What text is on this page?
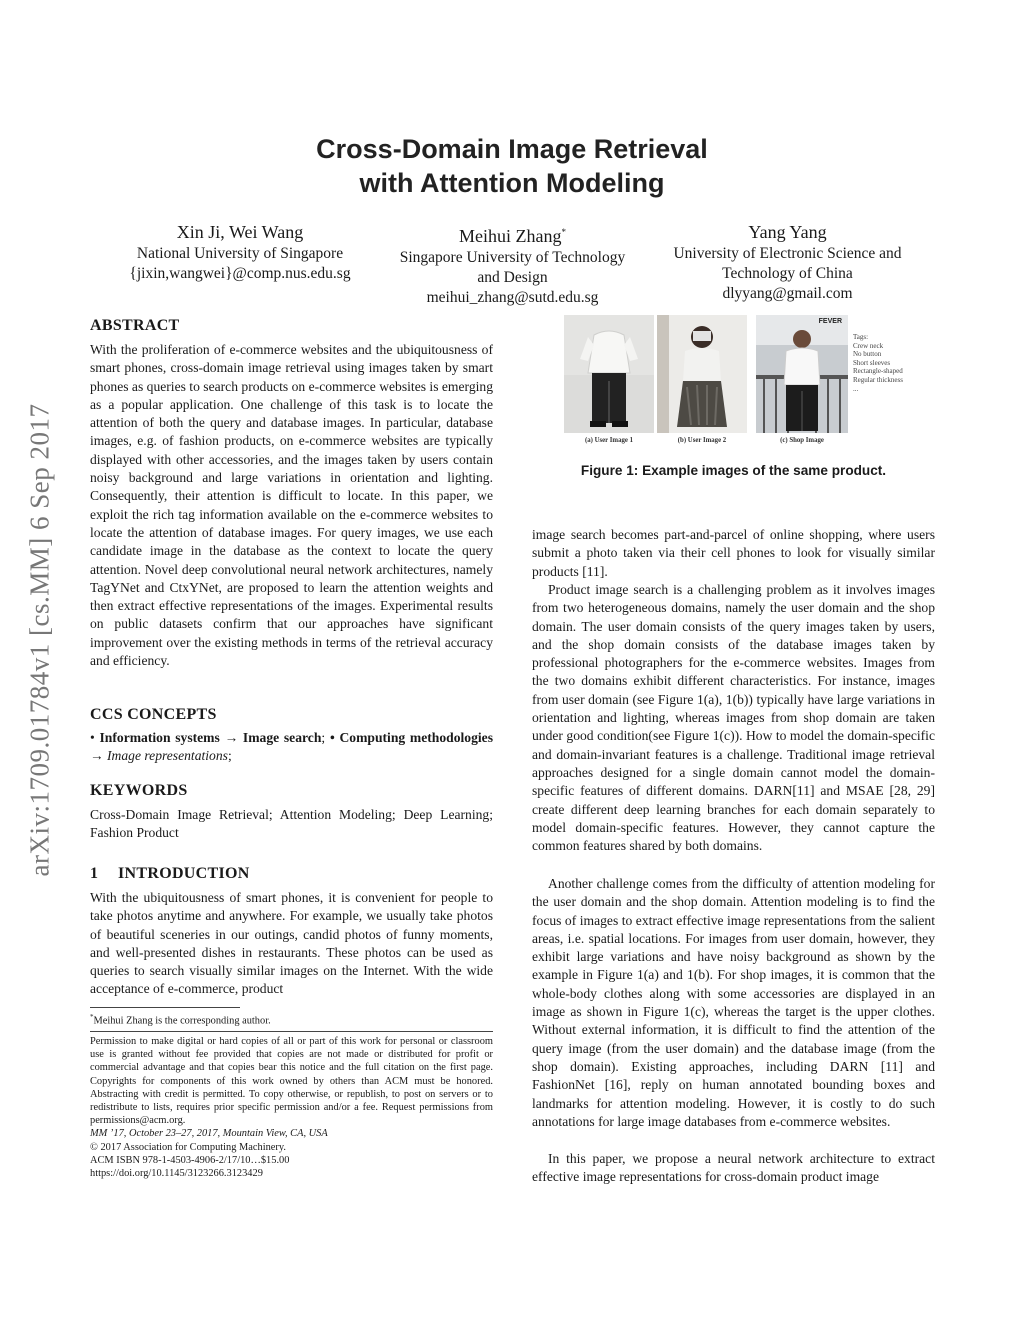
arXiv:1709.01784v1 [cs.MM] 6 Sep 2017
Cross-Domain Image Retrieval
with Attention Modeling
Xin Ji, Wei Wang
National University of Singapore
{jixin,wangwei}@comp.nus.edu.sg
Meihui Zhang*
Singapore University of Technology
and Design
meihui_zhang@sutd.edu.sg
Yang Yang
University of Electronic Science and
Technology of China
dlyyang@gmail.com
ABSTRACT
With the proliferation of e-commerce websites and the ubiquitousness of smart phones, cross-domain image retrieval using images taken by smart phones as queries to search products on e-commerce websites is emerging as a popular application. One challenge of this task is to locate the attention of both the query and database images. In particular, database images, e.g. of fashion products, on e-commerce websites are typically displayed with other accessories, and the images taken by users contain noisy background and large variations in orientation and lighting. Consequently, their attention is difficult to locate. In this paper, we exploit the rich tag information available on the e-commerce websites to locate the attention of database images. For query images, we use each candidate image in the database as the context to locate the query attention. Novel deep convolutional neural network architectures, namely TagYNet and CtxYNet, are proposed to learn the attention weights and then extract effective representations of the images. Experimental results on public datasets confirm that our approaches have significant improvement over the existing methods in terms of the retrieval accuracy and efficiency.
CCS CONCEPTS
• Information systems → Image search; • Computing methodologies → Image representations;
KEYWORDS
Cross-Domain Image Retrieval; Attention Modeling; Deep Learning; Fashion Product
1 INTRODUCTION
With the ubiquitousness of smart phones, it is convenient for people to take photos anytime and anywhere. For example, we usually take photos of beautiful sceneries in our outings, candid photos of funny moments, and well-presented dishes in restaurants. These photos can be used as queries to search visually similar images on the Internet. With the wide acceptance of e-commerce, product
*Meihui Zhang is the corresponding author.
Permission to make digital or hard copies of all or part of this work for personal or classroom use is granted without fee provided that copies are not made or distributed for profit or commercial advantage and that copies bear this notice and the full citation on the first page. Copyrights for components of this work owned by others than ACM must be honored. Abstracting with credit is permitted. To copy otherwise, or republish, to post on servers or to redistribute to lists, requires prior specific permission and/or a fee. Request permissions from permissions@acm.org.
MM ’17, October 23–27, 2017, Mountain View, CA, USA
© 2017 Association for Computing Machinery.
ACM ISBN 978-1-4503-4906-2/17/10…$15.00
https://doi.org/10.1145/3123266.3123429
(a) User Image 1	(b) User Image 2
FEVER
(c) Shop Image
Tags:
Crew neck
No button
Short sleeves
Rectangle-shaped
Regular thickness
...
Figure 1: Example images of the same product.
image search becomes part-and-parcel of online shopping, where users submit a photo taken via their cell phones to look for visually similar products [11].
Product image search is a challenging problem as it involves images from two heterogeneous domains, namely the user domain and the shop domain. The user domain consists of the query images taken by users, and the shop domain consists of the database images taken by professional photographers for the e-commerce websites. Images from the two domains exhibit different characteristics. For instance, images from user domain (see Figure 1(a), 1(b)) typically have large variations in orientation and lighting, whereas images from shop domain are taken under good condition(see Figure 1(c)). How to model the domain-specific and domain-invariant features is a challenge. Traditional image retrieval approaches designed for a single domain cannot model the domain-specific features of different domains. DARN[11] and MSAE [28, 29] create different deep learning branches for each domain separately to model domain-specific features. However, they cannot capture the common features shared by both domains.
Another challenge comes from the difficulty of attention modeling for the user domain and the shop domain. Attention modeling is to find the focus of images to extract effective image representations from the salient areas, i.e. spatial locations. For images from user domain, however, they exhibit large variations and have noisy background as shown by the example in Figure 1(a) and 1(b). For shop images, it is common that the whole-body clothes along with some accessories are displayed in an image as shown in Figure 1(c), whereas the target is the upper clothes. Without external information, it is difficult to find the attention of the query image (from the user domain) and the database image (from the shop domain). Existing approaches, including DARN [11] and FashionNet [16], reply on human annotated bounding boxes and landmarks for attention modeling. However, it is costly to do such annotations for large image databases from e-commerce websites.
In this paper, we propose a neural network architecture to extract effective image representations for cross-domain product image
